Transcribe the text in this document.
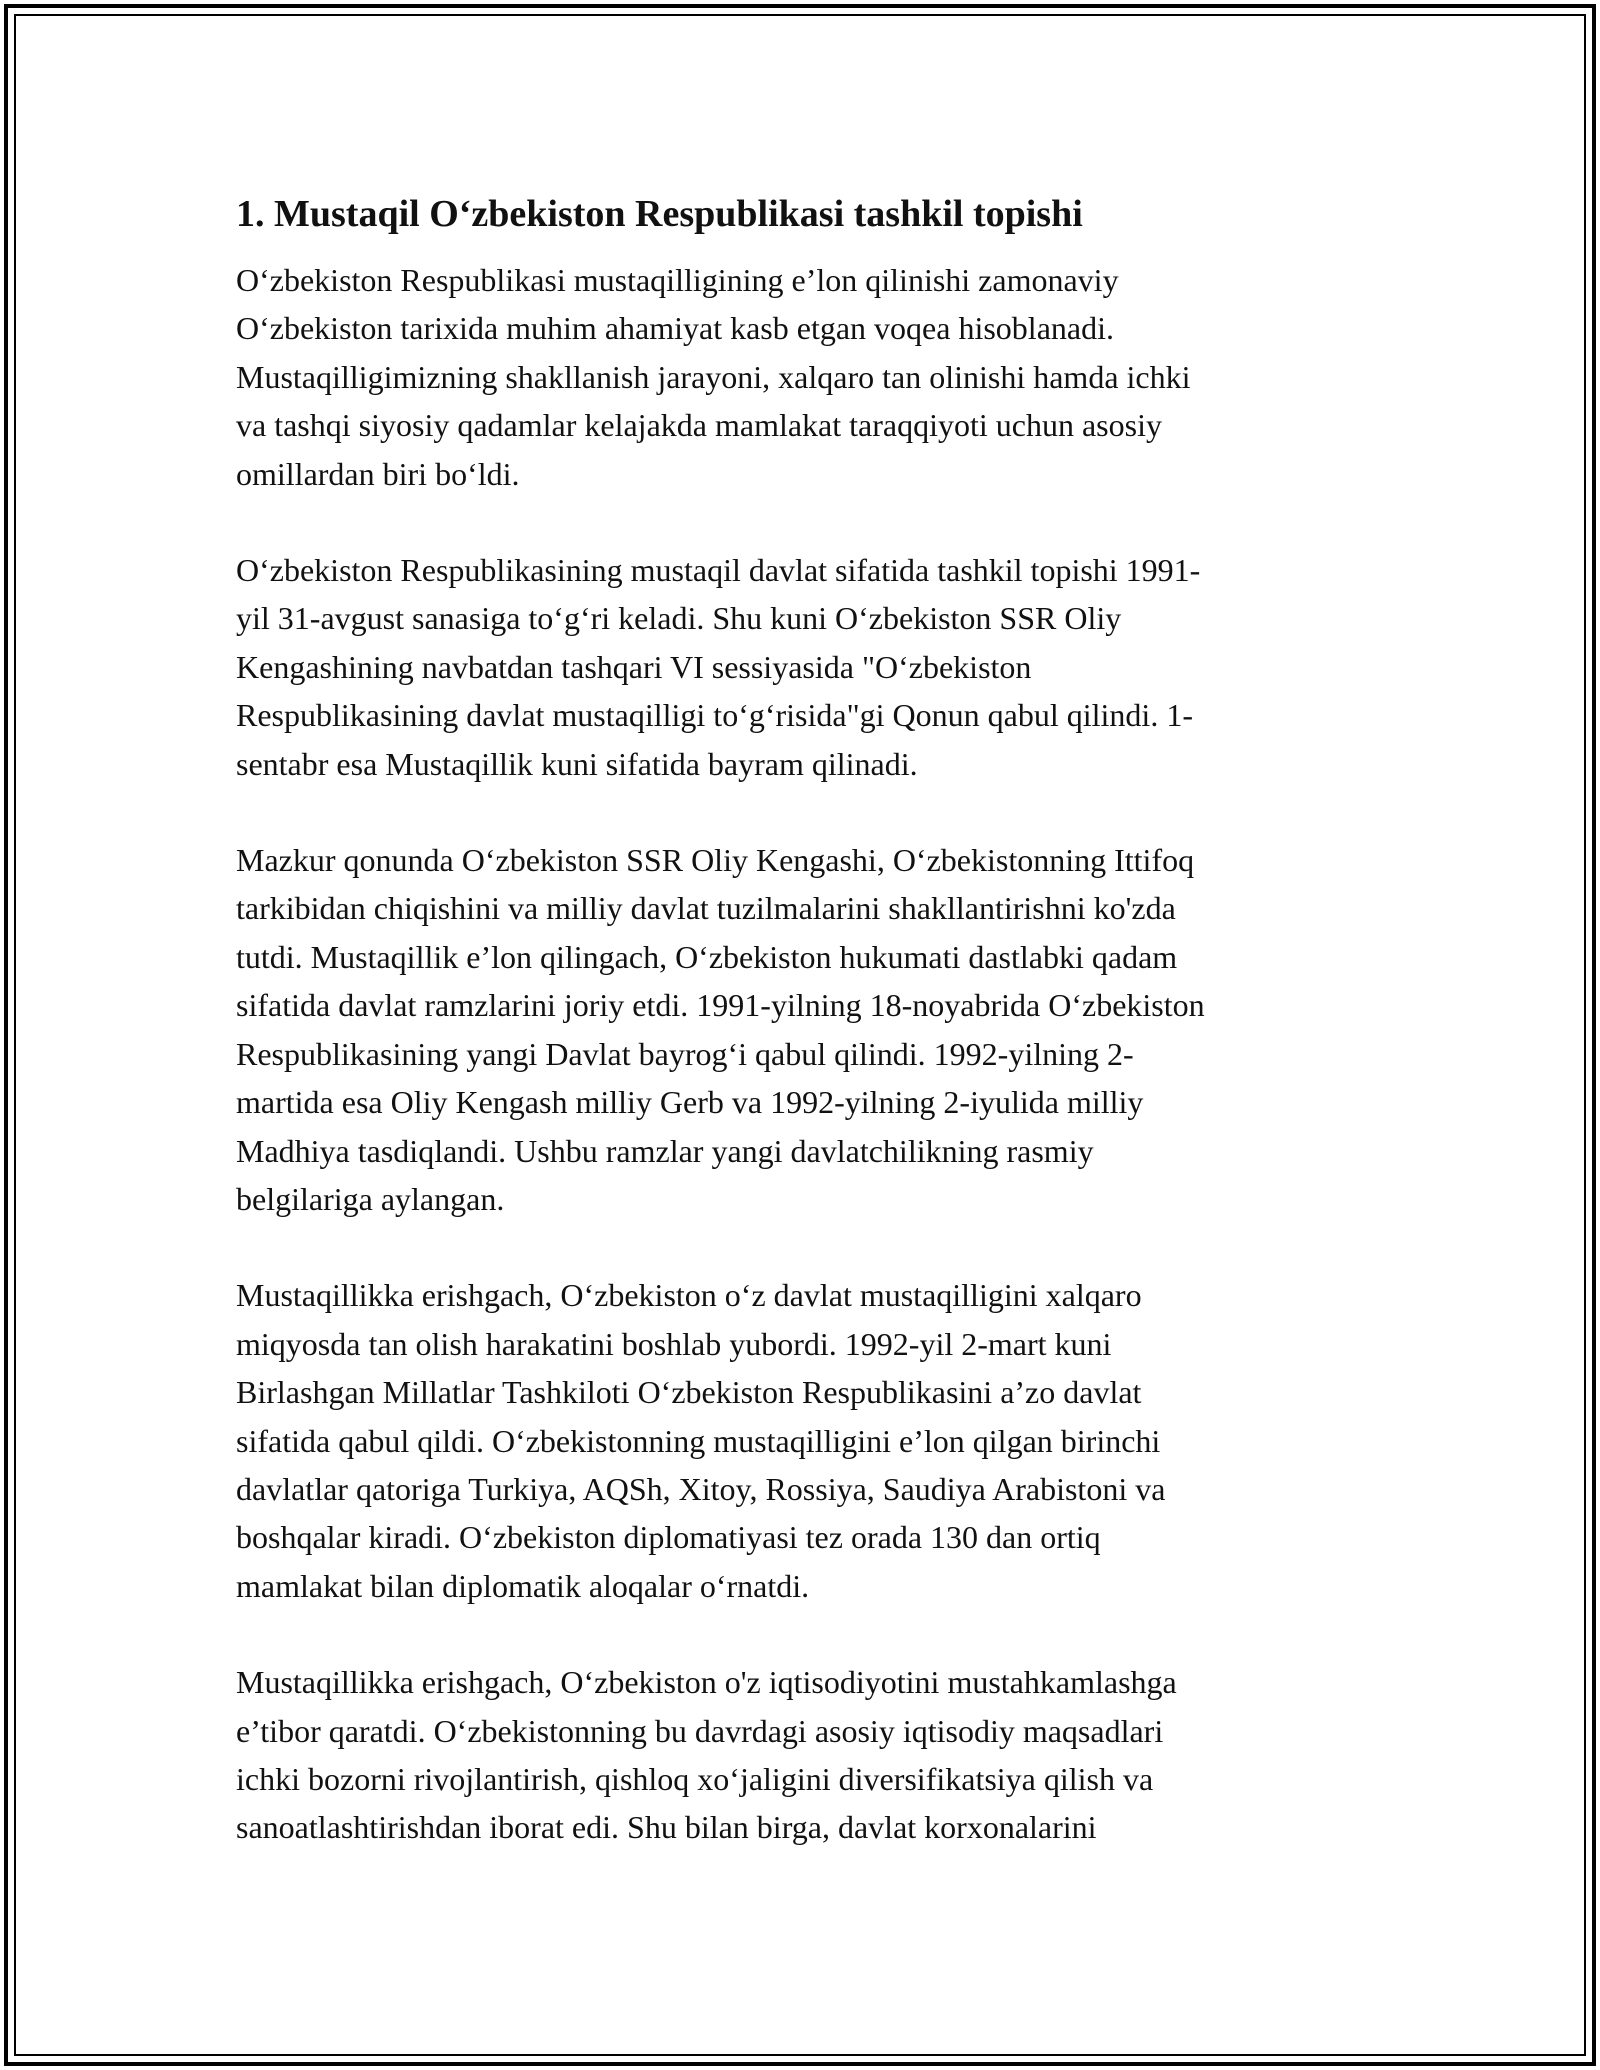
1. Mustaqil O‘zbekiston Respublikasi tashkil topishi

O‘zbekiston Respublikasi mustaqilligining e’lon qilinishi zamonaviy
O‘zbekiston tarixida muhim ahamiyat kasb etgan voqea hisoblanadi.
Mustaqilligimizning shakllanish jarayoni, xalqaro tan olinishi hamda ichki
va tashqi siyosiy qadamlar kelajakda mamlakat taraqqiyoti uchun asosiy
omillardan biri bo‘ldi.

O‘zbekiston Respublikasining mustaqil davlat sifatida tashkil topishi 1991-
yil 31-avgust sanasiga to‘g‘ri keladi. Shu kuni O‘zbekiston SSR Oliy
Kengashining navbatdan tashqari VI sessiyasida "O‘zbekiston
Respublikasining davlat mustaqilligi to‘g‘risida"gi Qonun qabul qilindi. 1-
sentabr esa Mustaqillik kuni sifatida bayram qilinadi.

Mazkur qonunda O‘zbekiston SSR Oliy Kengashi, O‘zbekistonning Ittifoq
tarkibidan chiqishini va milliy davlat tuzilmalarini shakllantirishni ko'zda
tutdi. Mustaqillik e’lon qilingach, O‘zbekiston hukumati dastlabki qadam
sifatida davlat ramzlarini joriy etdi. 1991-yilning 18-noyabrida O‘zbekiston
Respublikasining yangi Davlat bayrog‘i qabul qilindi. 1992-yilning 2-
martida esa Oliy Kengash milliy Gerb va 1992-yilning 2-iyulida milliy
Madhiya tasdiqlandi. Ushbu ramzlar yangi davlatchilikning rasmiy
belgilariga aylangan.

Mustaqillikka erishgach, O‘zbekiston o‘z davlat mustaqilligini xalqaro
miqyosda tan olish harakatini boshlab yubordi. 1992-yil 2-mart kuni
Birlashgan Millatlar Tashkiloti O‘zbekiston Respublikasini a’zo davlat
sifatida qabul qildi. O‘zbekistonning mustaqilligini e’lon qilgan birinchi
davlatlar qatoriga Turkiya, AQSh, Xitoy, Rossiya, Saudiya Arabistoni va
boshqalar kiradi. O‘zbekiston diplomatiyasi tez orada 130 dan ortiq
mamlakat bilan diplomatik aloqalar o‘rnatdi.

Mustaqillikka erishgach, O‘zbekiston o'z iqtisodiyotini mustahkamlashga
e’tibor qaratdi. O‘zbekistonning bu davrdagi asosiy iqtisodiy maqsadlari
ichki bozorni rivojlantirish, qishloq xo‘jaligini diversifikatsiya qilish va
sanoatlashtirishdan iborat edi. Shu bilan birga, davlat korxonalarini
